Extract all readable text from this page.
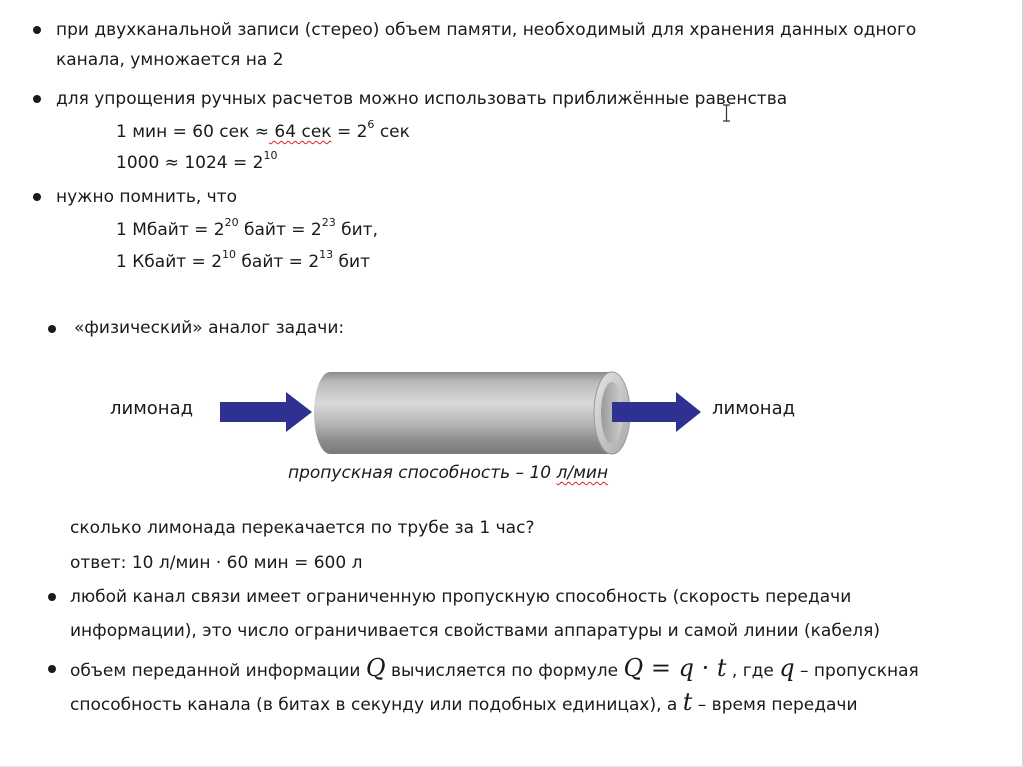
при двухканальной записи (стерео) объем памяти, необходимый для хранения данных одного
канала, умножается на 2
для упрощения ручных расчетов можно использовать приближённые равенства
1 мин = 60 сек ≈ 64 сек = $2^6$ сек
$1000 \approx 1024 = 2^{10}$
нужно помнить, что
1 Мбайт = $2^{20}$ байт = $2^{23}$ бит,
1 Кбайт = $2^{10}$ байт = $2^{13}$ бит
«физический» аналог задачи:
лимонад	лимонад
пропускная способность – 10 л/мин
сколько лимонада перекачается по трубе за 1 час?
ответ: 10 л/мин · 60 мин = 600 л
любой канал связи имеет ограниченную пропускную способность (скорость передачи
информации), это число ограничивается свойствами аппаратуры и самой линии (кабеля)
объем переданной информации Q вычисляется по формуле Q = q · t , где q – пропускная
способность канала (в битах в секунду или подобных единицах), а t – время передачи
